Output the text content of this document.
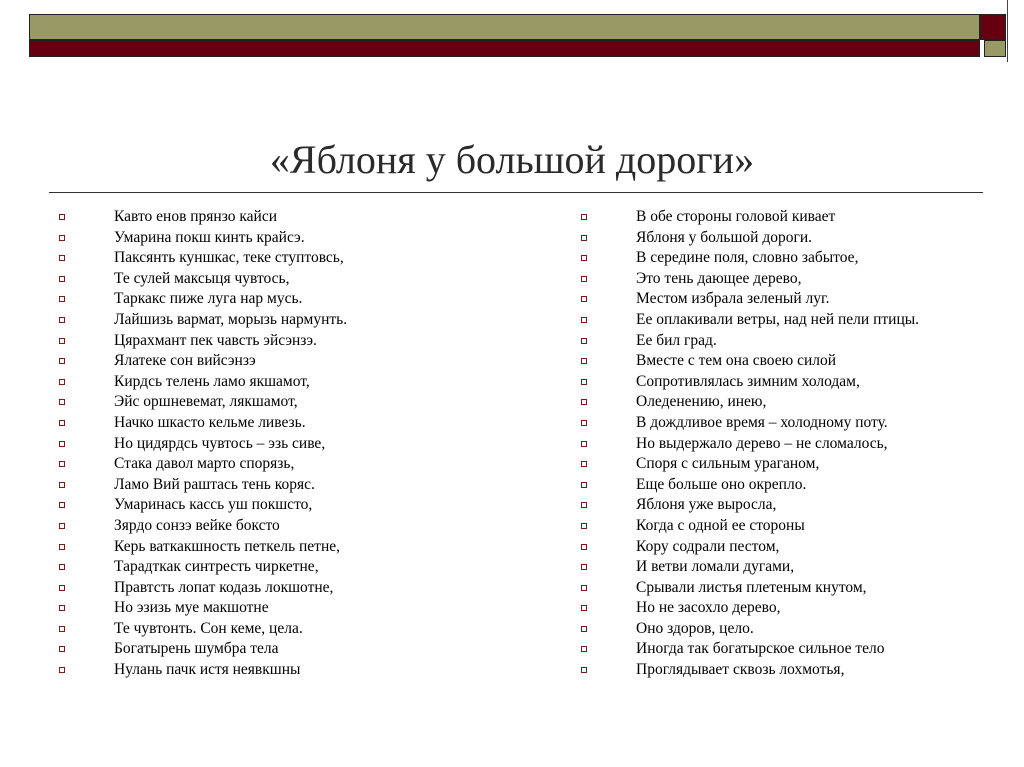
«Яблоня у большой дороги»
Кавто енов прянзо кайси
Умарина покш кинть крайсэ.
Паксянть куншкас, теке ступтовсь,
Те сулей максыця чувтось,
Таркакс пиже луга нар мусь.
Лайшизь вармат, морызь нармунть.
Цярахмант пек чавсть эйсэнзэ.
Ялатеке сон вийсэнзэ
Кирдсь телень ламо якшамот,
Эйс оршневемат, лякшамот,
Начко шкасто кельме ливезь.
Но цидярдсь чувтось – эзь сиве,
Стака давол марто спорязь,
Ламо Вий раштась тень коряс.
Умаринась кассь уш покшсто,
Зярдо сонзэ вейке боксто
Керь ваткакшность петкель петне,
Тарадткак синтресть чиркетне,
Правтсть лопат кодазь локшотне,
Но эзизь муе макшотне
Те чувтонть. Сон кеме, цела.
Богатырень шумбра тела
Нулань пачк истя неявкшны
В обе стороны головой кивает
Яблоня у большой дороги.
В середине поля, словно забытое,
Это тень дающее дерево,
Местом избрала зеленый луг.
Ее оплакивали ветры, над ней пели птицы.
Ее бил град.
Вместе с тем она своею силой
Сопротивлялась зимним холодам,
Оледенению, инею,
В дождливое время – холодному поту.
Но выдержало дерево – не сломалось,
Споря с сильным ураганом,
Еще больше оно окрепло.
Яблоня уже выросла,
Когда с одной ее стороны
Кору содрали пестом,
И ветви ломали дугами,
Срывали листья плетеным кнутом,
Но не засохло дерево,
Оно здоров, цело.
Иногда так богатырское сильное тело
Проглядывает сквозь лохмотья,
